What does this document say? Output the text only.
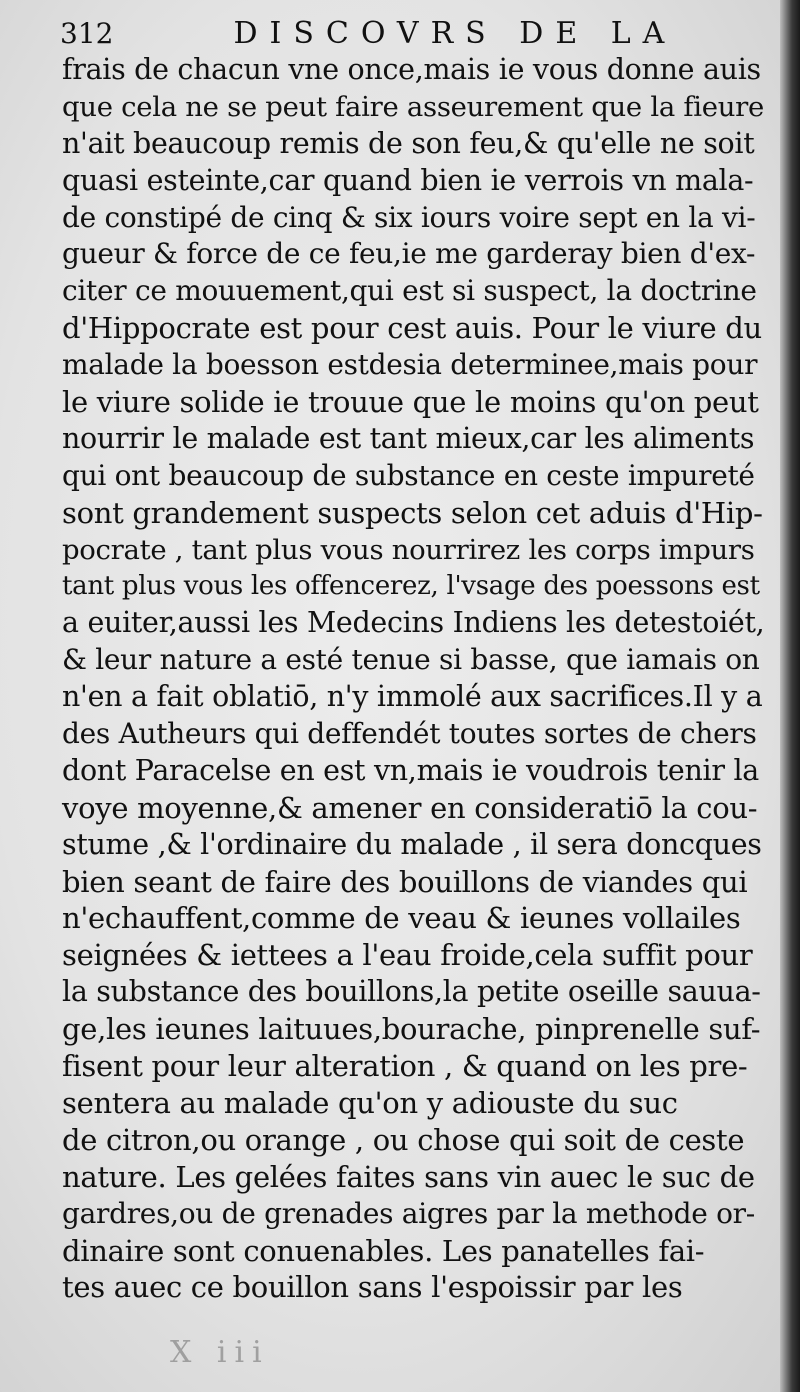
312	DISCOVRS DE LA
frais de chacun vne once,mais ie vous donne auis
que cela ne se peut faire asseurement que la fieure
n'ait beaucoup remis de son feu,& qu'elle ne soit
quasi esteinte,car quand bien ie verrois vn mala-
de constipé de cinq & six iours voire sept en la vi-
gueur & force de ce feu,ie me garderay bien d'ex-
citer ce mouuement,qui est si suspect, la doctrine
d'Hippocrate est pour cest auis. Pour le viure du
malade la boesson estdesia determinee,mais pour
le viure solide ie trouue que le moins qu'on peut
nourrir le malade est tant mieux,car les aliments
qui ont beaucoup de substance en ceste impureté
sont grandement suspects selon cet aduis d'Hip-
pocrate , tant plus vous nourrirez les corps impurs
tant plus vous les offencerez, l'vsage des poessons est
a euiter,aussi les Medecins Indiens les detestoiét,
& leur nature a esté tenue si basse, que iamais on
n'en a fait oblatiō, n'y immolé aux sacrifices.Il y a
des Autheurs qui deffendét toutes sortes de chers
dont Paracelse en est vn,mais ie voudrois tenir la
voye moyenne,& amener en consideratiō la cou-
stume ,& l'ordinaire du malade , il sera doncques
bien seant de faire des bouillons de viandes qui
n'echauffent,comme de veau & ieunes vollailes
seignées & iettees a l'eau froide,cela suffit pour
la substance des bouillons,la petite oseille sauua-
ge,les ieunes laituues,bourache, pinprenelle suf-
fisent pour leur alteration , & quand on les pre-
sentera au malade qu'on y adiouste du suc
de citron,ou orange , ou chose qui soit de ceste
nature. Les gelées faites sans vin auec le suc de
gardres,ou de grenades aigres par la methode or-
dinaire sont conuenables. Les panatelles fai-
tes auec ce bouillon sans l'espoissir par les
X iii
